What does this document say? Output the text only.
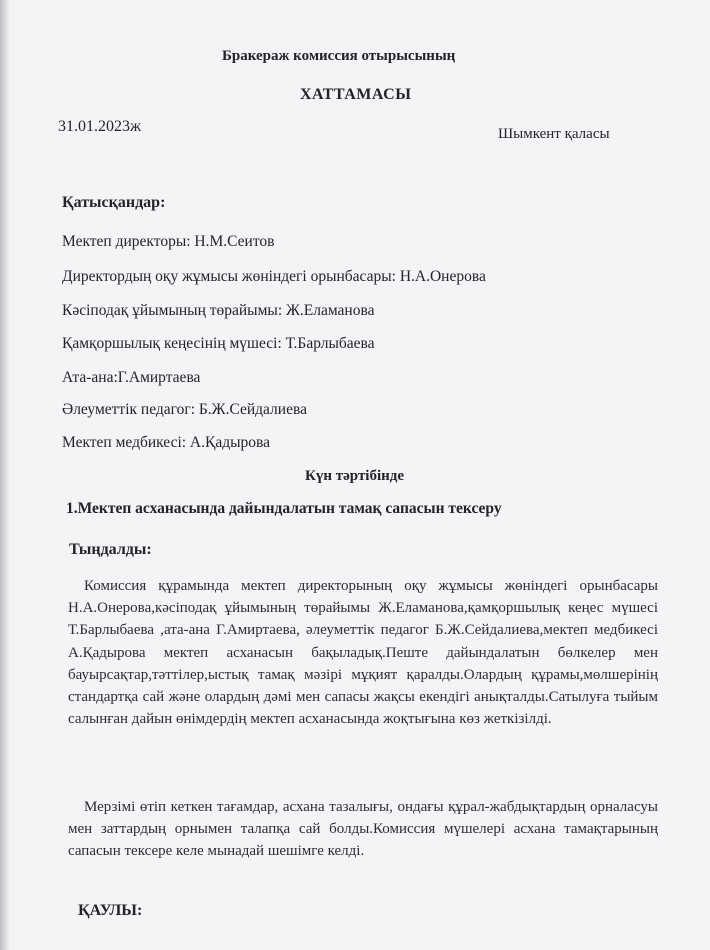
Бракераж комиссия отырысының
ХАТТАМАСЫ
31.01.2023ж	Шымкент қаласы
Қатысқандар:
Мектеп директоры: Н.М.Сеитов
Директордың оқу жұмысы жөніндегі орынбасары: Н.А.Онерова
Кәсіподақ ұйымының төрайымы: Ж.Еламанова
Қамқоршылық кеңесінің мүшесі: Т.Барлыбаева
Ата-ана:Г.Амиртаева
Әлеуметтік педагог: Б.Ж.Сейдалиева
Мектеп медбикесі: А.Қадырова
Күн тәртібінде
1.Мектеп асханасында дайындалатын тамақ сапасын тексеру
Тыңдалды:
Комиссия құрамында мектеп директорының оқу жұмысы жөніндегі орынбасары Н.А.Онерова,кәсіподақ ұйымының төрайымы Ж.Еламанова,қамқоршылық кеңес мүшесі Т.Барлыбаева ,ата-ана Г.Амиртаева, әлеуметтік педагог Б.Ж.Сейдалиева,мектеп медбикесі А.Қадырова мектеп асханасын бақыладық.Пеште дайындалатын бөлкелер мен бауырсақтар,тәттілер,ыстық тамақ мәзірі мұқият қаралды.Олардың құрамы,мөлшерінің стандартқа сай және олардың дәмі мен сапасы жақсы екендігі анықталды.Сатылуға тыйым салынған дайын өнімдердің мектеп асханасында жоқтығына көз жеткізілді.
Мерзімі өтіп кеткен тағамдар, асхана тазалығы, ондағы құрал-жабдықтардың орналасуы мен заттардың орнымен талапқа сай болды.Комиссия мүшелері асхана тамақтарының сапасын тексере келе мынадай шешімге келді.
ҚАУЛЫ:
